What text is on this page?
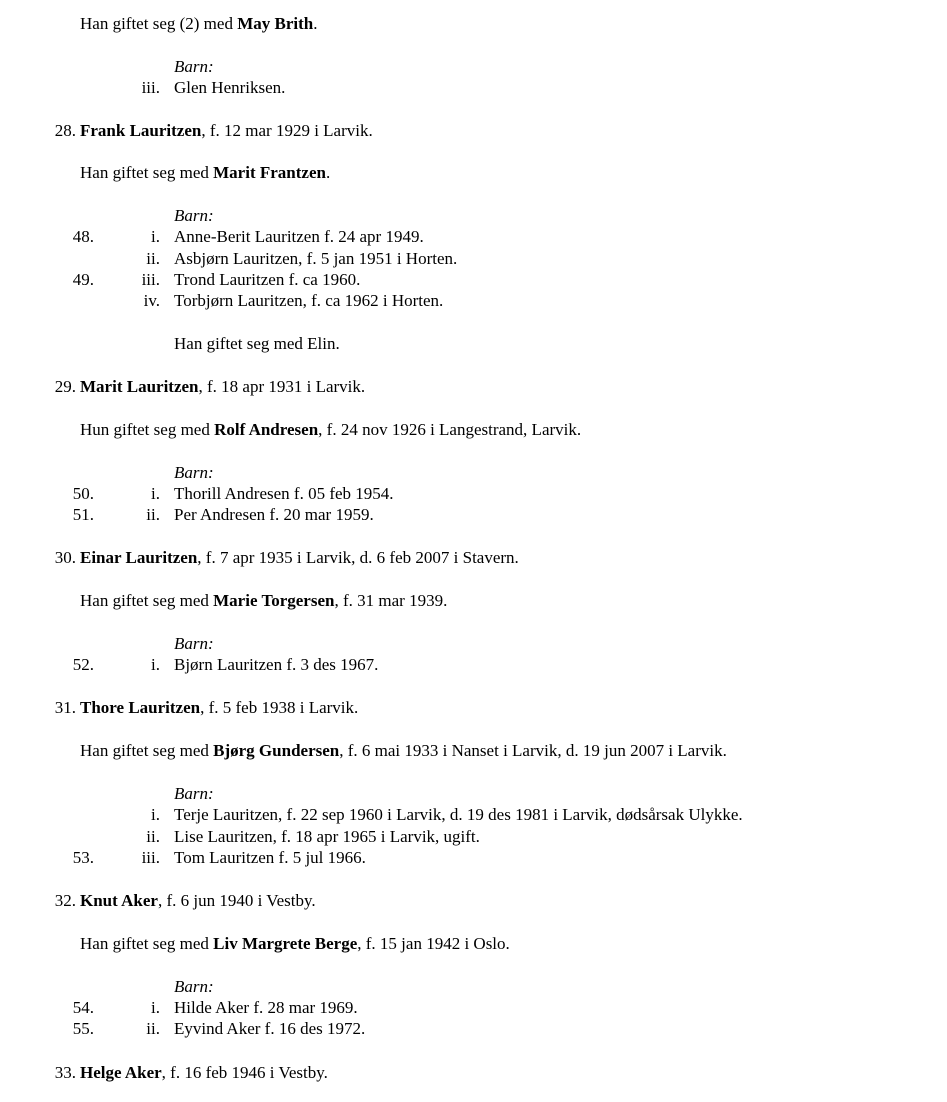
Han giftet seg (2) med May Brith.
Barn:
iii. Glen Henriksen.
28. Frank Lauritzen, f. 12 mar 1929 i Larvik.
Han giftet seg med Marit Frantzen.
Barn:
48.	i. Anne-Berit Lauritzen f. 24 apr 1949.
ii. Asbjørn Lauritzen, f. 5 jan 1951 i Horten.
49.	iii. Trond Lauritzen f. ca 1960.
iv. Torbjørn Lauritzen, f. ca 1962 i Horten.
Han giftet seg med Elin.
29. Marit Lauritzen, f. 18 apr 1931 i Larvik.
Hun giftet seg med Rolf Andresen, f. 24 nov 1926 i Langestrand, Larvik.
Barn:
50.	i. Thorill Andresen f. 05 feb 1954.
51.	ii. Per Andresen f. 20 mar 1959.
30. Einar Lauritzen, f. 7 apr 1935 i Larvik, d. 6 feb 2007 i Stavern.
Han giftet seg med Marie Torgersen, f. 31 mar 1939.
Barn:
52.	i. Bjørn Lauritzen f. 3 des 1967.
31. Thore Lauritzen, f. 5 feb 1938 i Larvik.
Han giftet seg med Bjørg Gundersen, f. 6 mai 1933 i Nanset i Larvik, d. 19 jun 2007 i Larvik.
Barn:
i. Terje Lauritzen, f. 22 sep 1960 i Larvik, d. 19 des 1981 i Larvik, dødsårsak Ulykke.
ii. Lise Lauritzen, f. 18 apr 1965 i Larvik, ugift.
53.	iii. Tom Lauritzen f. 5 jul 1966.
32. Knut Aker, f. 6 jun 1940 i Vestby.
Han giftet seg med Liv Margrete Berge, f. 15 jan 1942 i Oslo.
Barn:
54.	i. Hilde Aker f. 28 mar 1969.
55.	ii. Eyvind Aker f. 16 des 1972.
33. Helge Aker, f. 16 feb 1946 i Vestby.
